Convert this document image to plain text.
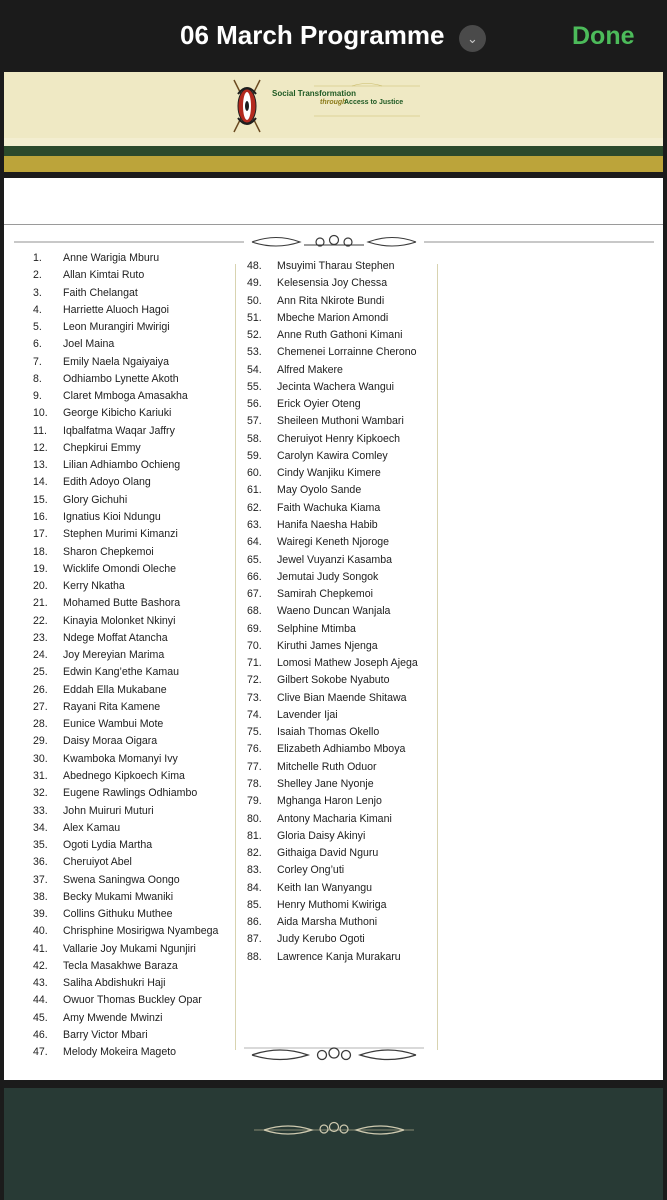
06 March Programme	⌄	Done
Social Transformation
through
Access to Justice
1.	Anne Warigia Mburu
2.	Allan Kimtai Ruto
3.	Faith Chelangat
4.	Harriette Aluoch Hagoi
5.	Leon Murangiri Mwirigi
6.	Joel Maina
7.	Emily Naela Ngaiyaiya
8.	Odhiambo Lynette Akoth
9.	Claret Mmboga Amasakha
10.	George Kibicho Kariuki
11.	Iqbalfatma Waqar Jaffry
12.	Chepkirui Emmy
13.	Lilian Adhiambo Ochieng
14.	Edith Adoyo Olang
15.	Glory Gichuhi
16.	Ignatius Kioi Ndungu
17.	Stephen Murimi Kimanzi
18.	Sharon Chepkemoi
19.	Wicklife Omondi Oleche
20.	Kerry Nkatha
21.	Mohamed Butte Bashora
22.	Kinayia Molonket Nkinyi
23.	Ndege Moffat Atancha
24.	Joy Mereyian Marima
25.	Edwin Kang’ethe Kamau
26.	Eddah Ella Mukabane
27.	Rayani Rita Kamene
28.	Eunice Wambui Mote
29.	Daisy Moraa Oigara
30.	Kwamboka Momanyi Ivy
31.	Abednego Kipkoech Kima
32.	Eugene Rawlings Odhiambo
33.	John Muiruri Muturi
34.	Alex Kamau
35.	Ogoti Lydia Martha
36.	Cheruiyot Abel
37.	Swena Saningwa Oongo
38.	Becky Mukami Mwaniki
39.	Collins Githuku Muthee
40.	Chrisphine Mosirigwa Nyambega
41.	Vallarie Joy Mukami Ngunjiri
42.	Tecla Masakhwe Baraza
43.	Saliha Abdishukri Haji
44.	Owuor Thomas Buckley Opar
45.	Amy Mwende Mwinzi
46.	Barry Victor Mbari
47.	Melody Mokeira Mageto
48.	Msuyimi Tharau Stephen
49.	Kelesensia Joy Chessa
50.	Ann Rita Nkirote Bundi
51.	Mbeche Marion Amondi
52.	Anne Ruth Gathoni Kimani
53.	Chemenei Lorrainne Cherono
54.	Alfred Makere
55.	Jecinta Wachera Wangui
56.	Erick Oyier Oteng
57.	Sheileen Muthoni Wambari
58.	Cheruiyot Henry Kipkoech
59.	Carolyn Kawira Comley
60.	Cindy Wanjiku Kimere
61.	May Oyolo Sande
62.	Faith Wachuka Kiama
63.	Hanifa Naesha Habib
64.	Wairegi Keneth Njoroge
65.	Jewel Vuyanzi Kasamba
66.	Jemutai Judy Songok
67.	Samirah Chepkemoi
68.	Waeno Duncan Wanjala
69.	Selphine Mtimba
70.	Kiruthi James Njenga
71.	Lomosi Mathew Joseph Ajega
72.	Gilbert Sokobe Nyabuto
73.	Clive Bian Maende Shitawa
74.	Lavender Ijai
75.	Isaiah Thomas Okello
76.	Elizabeth Adhiambo Mboya
77.	Mitchelle Ruth Oduor
78.	Shelley Jane Nyonje
79.	Mghanga Haron Lenjo
80.	Antony Macharia Kimani
81.	Gloria Daisy Akinyi
82.	Githaiga David Nguru
83.	Corley Ong’uti
84.	Keith Ian Wanyangu
85.	Henry Muthomi Kwiriga
86.	Aida Marsha Muthoni
87.	Judy Kerubo Ogoti
88.	Lawrence Kanja Murakaru
